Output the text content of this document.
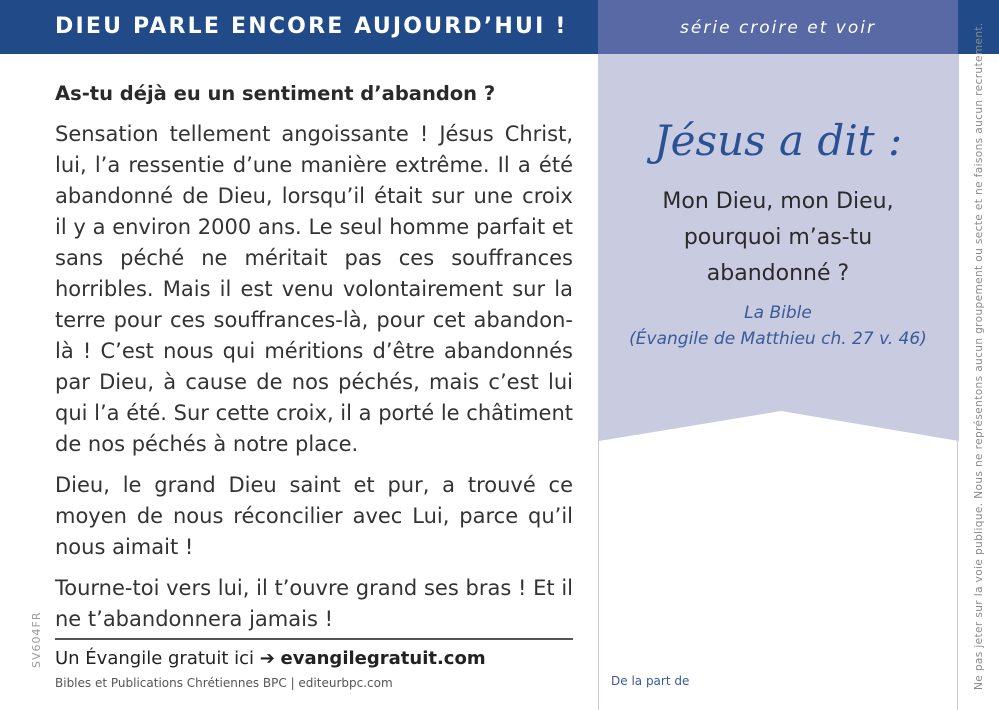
DIEU PARLE ENCORE AUJOURD’HUI !	série croire et voir
As-tu déjà eu un sentiment d’abandon ?
Sensation tellement angoissante ! Jésus Christ, lui, l’a ressentie d’une manière extrême. Il a été abandonné de Dieu, lorsqu’il était sur une croix il y a environ 2000 ans. Le seul homme parfait et sans péché ne méritait pas ces souffrances horribles. Mais il est venu volontairement sur la terre pour ces souffrances-là, pour cet abandon-là ! C’est nous qui méritions d’être abandonnés par Dieu, à cause de nos péchés, mais c’est lui qui l’a été. Sur cette croix, il a porté le châtiment de nos péchés à notre place.
Dieu, le grand Dieu saint et pur, a trouvé ce moyen de nous réconcilier avec Lui, parce qu’il nous aimait !
Tourne-toi vers lui, il t’ouvre grand ses bras ! Et il ne t’abandonnera jamais !
Un Évangile gratuit ici ➔ evangilegratuit.com
Bibles et Publications Chrétiennes BPC | editeurbpc.com
SV604FR
Jésus a dit :
Mon Dieu, mon Dieu,
pourquoi m’as-tu
abandonné ?
La Bible
(Évangile de Matthieu ch. 27 v. 46)
De la part de	Ne pas jeter sur la voie publique. Nous ne représentons aucun groupement ou secte et ne faisons aucun recrutement.
